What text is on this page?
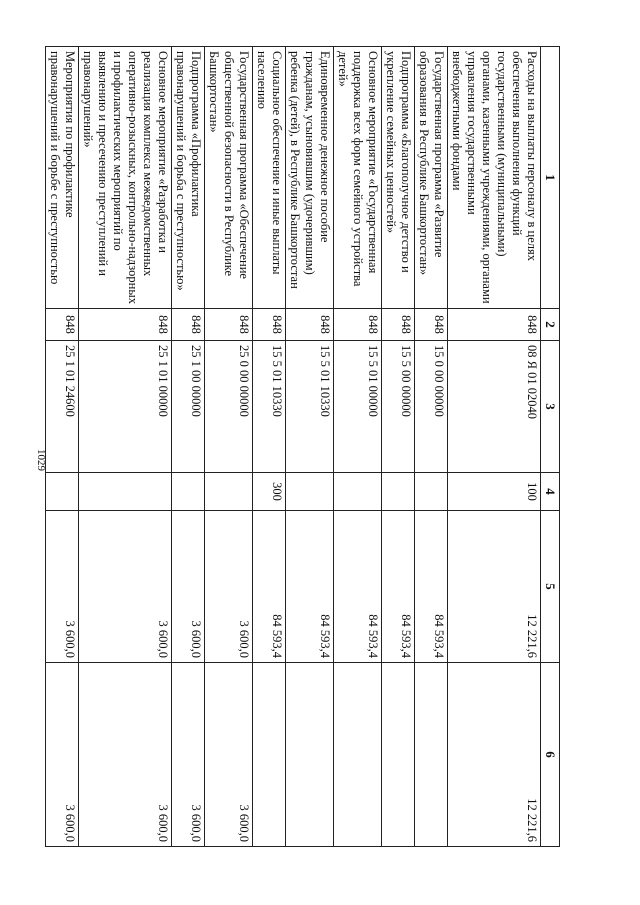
1029
1	2	3	4	5	6
Расходы на выплаты персоналу в целях обеспечения выполнения функций государственными (муниципальными) органами, казенными учреждениями, органами управления государственными внебюджетными фондами	848	08 Я 01 02040	100	12 221,6	12 221,6
Государственная программа «Развитие образования в Республике Башкортостан»	848	15 0 00 00000		84 593,4	
Подпрограмма «Благополучное детство и укрепление семейных ценностей»	848	15 5 00 00000		84 593,4	
Основное мероприятие «Государственная поддержка всех форм семейного устройства детей»	848	15 5 01 00000		84 593,4	
Единовременное денежное пособие гражданам, усыновившим (удочерившим) ребенка (детей), в Республике Башкортостан	848	15 5 01 10330		84 593,4	
Социальное обеспечение и иные выплаты населению	848	15 5 01 10330	300	84 593,4	
Государственная программа «Обеспечение общественной безопасности в Республике Башкортостан»	848	25 0 00 00000		3 600,0	3 600,0
Подпрограмма «Профилактика правонарушений и борьба с преступностью»	848	25 1 00 00000		3 600,0	3 600,0
Основное мероприятие «Разработка и реализация комплекса межведомственных оперативно-розыскных, контрольно-надзорных и профилактических мероприятий по выявлению и пресечению преступлений и правонарушений»	848	25 1 01 00000		3 600,0	3 600,0
Мероприятия по профилактике правонарушений и борьбе с преступностью	848	25 1 01 24600		3 600,0	3 600,0
